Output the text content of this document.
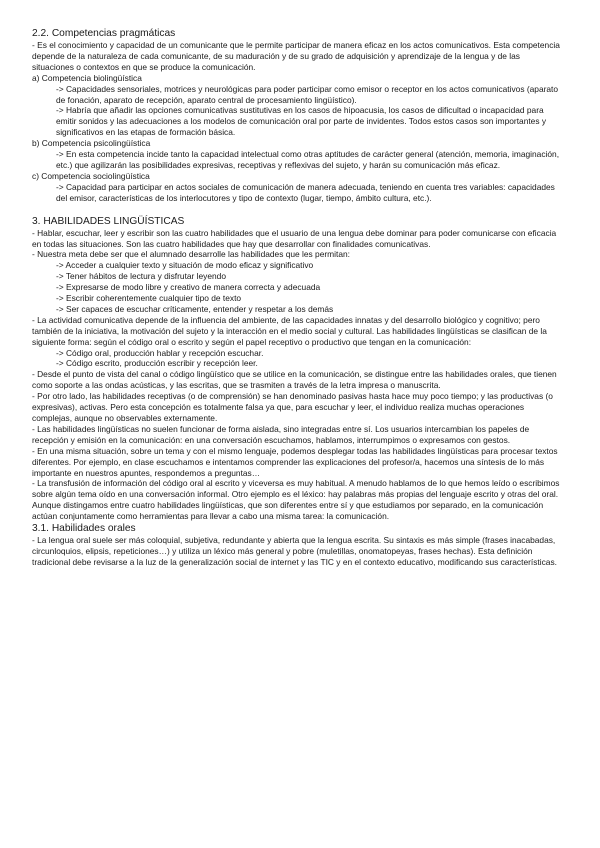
2.2. Competencias pragmáticas

- Es el conocimiento y capacidad de un comunicante que le permite participar de manera eficaz en los actos comunicativos. Esta competencia depende de la naturaleza de cada comunicante, de su maduración y de su grado de adquisición y aprendizaje de la lengua y de las situaciones o contextos en que se produce la comunicación.

a) Competencia biolingüística

-> Capacidades sensoriales, motrices y neurológicas para poder participar como emisor o receptor en los actos comunicativos (aparato de fonación, aparato de recepción, aparato central de procesamiento lingüístico).

-> Habría que añadir las opciones comunicativas sustitutivas en los casos de hipoacusia, los casos de dificultad o incapacidad para emitir sonidos y las adecuaciones a los modelos de comunicación oral por parte de invidentes. Todos estos casos son importantes y significativos en las etapas de formación básica.

b) Competencia psicolingüística

-> En esta competencia incide tanto la capacidad intelectual como otras aptitudes de carácter general (atención, memoria, imaginación, etc.) que agilizarán las posibilidades expresivas, receptivas y reflexivas del sujeto, y harán su comunicación más eficaz.

c) Competencia sociolingüística

-> Capacidad para participar en actos sociales de comunicación de manera adecuada, teniendo en cuenta tres variables: capacidades del emisor, características de los interlocutores y tipo de contexto (lugar, tiempo, ámbito cultura, etc.).

3. HABILIDADES LINGÜÍSTICAS

- Hablar, escuchar, leer y escribir son las cuatro habilidades que el usuario de una lengua debe dominar para poder comunicarse con eficacia en todas las situaciones. Son las cuatro habilidades que hay que desarrollar con finalidades comunicativas.

- Nuestra meta debe ser que el alumnado desarrolle las habilidades que les permitan:

-> Acceder a cualquier texto y situación de modo eficaz y significativo

-> Tener hábitos de lectura y disfrutar leyendo

-> Expresarse de modo libre y creativo de manera correcta y adecuada

-> Escribir coherentemente cualquier tipo de texto

-> Ser capaces de escuchar críticamente, entender y respetar a los demás

- La actividad comunicativa depende de la influencia del ambiente, de las capacidades innatas y del desarrollo biológico y cognitivo; pero también de la iniciativa, la motivación del sujeto y la interacción en el medio social y cultural. Las habilidades lingüísticas se clasifican de la siguiente forma: según el código oral o escrito y según el papel receptivo o productivo que tengan en la comunicación:

-> Código oral, producción hablar y recepción escuchar.

-> Código escrito, producción escribir y recepción leer.

- Desde el punto de vista del canal o código lingüístico que se utilice en la comunicación, se distingue entre las habilidades orales, que tienen como soporte a las ondas acústicas, y las escritas, que se trasmiten a través de la letra impresa o manuscrita.

- Por otro lado, las habilidades receptivas (o de comprensión) se han denominado pasivas hasta hace muy poco tiempo; y las productivas (o expresivas), activas. Pero esta concepción es totalmente falsa ya que, para escuchar y leer, el individuo realiza muchas operaciones complejas, aunque no observables externamente.

- Las habilidades lingüísticas no suelen funcionar de forma aislada, sino integradas entre sí. Los usuarios intercambian los papeles de recepción y emisión en la comunicación: en una conversación escuchamos, hablamos, interrumpimos o expresamos con gestos.

- En una misma situación, sobre un tema y con el mismo lenguaje, podemos desplegar todas las habilidades lingüísticas para procesar textos diferentes. Por ejemplo, en clase escuchamos e intentamos comprender las explicaciones del profesor/a, hacemos una síntesis de lo más importante en nuestros apuntes, respondemos a preguntas…

- La transfusión de información del código oral al escrito y viceversa es muy habitual. A menudo hablamos de lo que hemos leído o escribimos sobre algún tema oído en una conversación informal. Otro ejemplo es el léxico: hay palabras más propias del lenguaje escrito y otras del oral. Aunque distingamos entre cuatro habilidades lingüísticas, que son diferentes entre sí y que estudiamos por separado, en la comunicación actúan conjuntamente como herramientas para llevar a cabo una misma tarea: la comunicación.

3.1. Habilidades orales

- La lengua oral suele ser más coloquial, subjetiva, redundante y abierta que la lengua escrita. Su sintaxis es más simple (frases inacabadas, circunloquios, elipsis, repeticiones…) y utiliza un léxico más general y pobre (muletillas, onomatopeyas, frases hechas). Esta definición tradicional debe revisarse a la luz de la generalización social de internet y las TIC y en el contexto educativo, modificando sus características.
